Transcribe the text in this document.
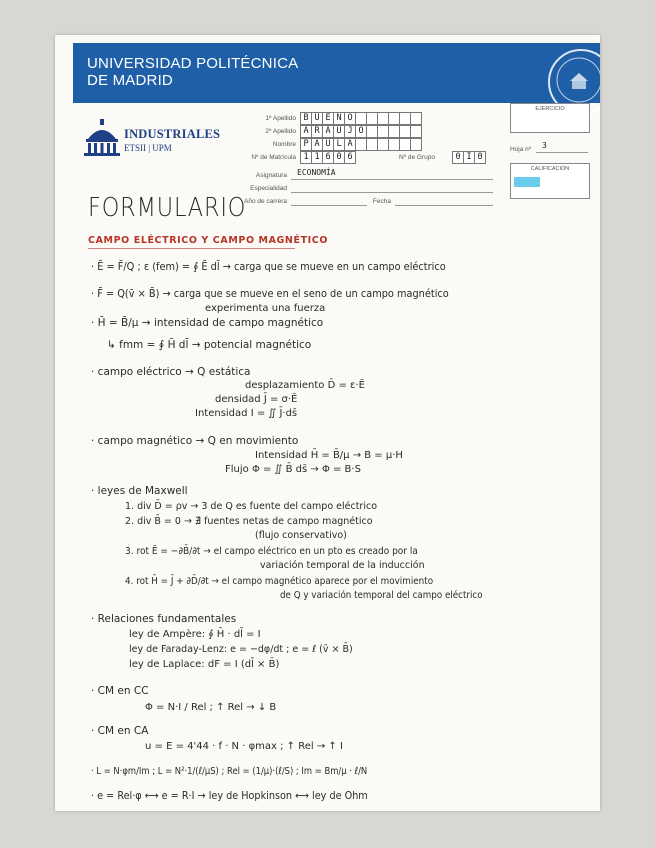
UNIVERSIDAD POLITÉCNICA
DE MADRID
INDUSTRIALES
ETSII | UPM
1º Apellido B U E N O
2º Apellido A R A U J O
Nombre P A U L A
Nº de Matrícula 1 1 6 0 6	Nº de Grupo	0 I 0
Asignatura	ECONOMÍA
Especialidad
Año de carrera	Fecha
EJERCICIO
Hoja nº	3
CALIFICACIÓN
FORMULARIO
CAMPO ELÉCTRICO Y CAMPO MAGNÉTICO
· Ē = F̄/Q ; ε (fem) = ∮ Ē dl̄ → carga que se mueve en un campo eléctrico
· F̄ = Q(v̄ × B̄) → carga que se mueve en el seno de un campo magnético
experimenta una fuerza
· H̄ = B̄/μ → intensidad de campo magnético
↳ fmm = ∮ H̄ dl̄ → potencial magnético
· campo eléctrico → Q estática
desplazamiento D̄ = ε·Ē
densidad J̄ = σ·Ē
Intensidad I = ∬ J̄·ds̄
· campo magnético → Q en movimiento
Intensidad H̄ = B̄/μ → B = μ·H
Flujo Φ = ∬ B̄ ds̄ → Φ = B·S
· leyes de Maxwell
1. div D̄ = ρv → 3 de Q es fuente del campo eléctrico
2. div B̄ = 0 → ∄ fuentes netas de campo magnético
(flujo conservativo)
3. rot Ē = −∂B̄/∂t → el campo eléctrico en un pto es creado por la
variación temporal de la inducción
4. rot H̄ = J̄ + ∂D̄/∂t → el campo magnético aparece por el movimiento
de Q y variación temporal del campo eléctrico
· Relaciones fundamentales
ley de Ampère: ∮ H̄ · dl̄ = I
ley de Faraday-Lenz: e = −dφ/dt ; e = ℓ (v̄ × B̄)
ley de Laplace: dF = I (dl̄ × B̄)
· CM en CC
Φ = N·I / Rel ; ↑ Rel → ↓ B
· CM en CA
u = E = 4'44 · f · N · φmax ; ↑ Rel → ↑ I
· L = N·φm/Im ; L = N²·1/(ℓ/μS) ; Rel = (1/μ)·(ℓ/S) ; Im = Bm/μ · ℓ/N
· e = Rel·φ ⟷ e = R·I → ley de Hopkinson ⟷ ley de Ohm
